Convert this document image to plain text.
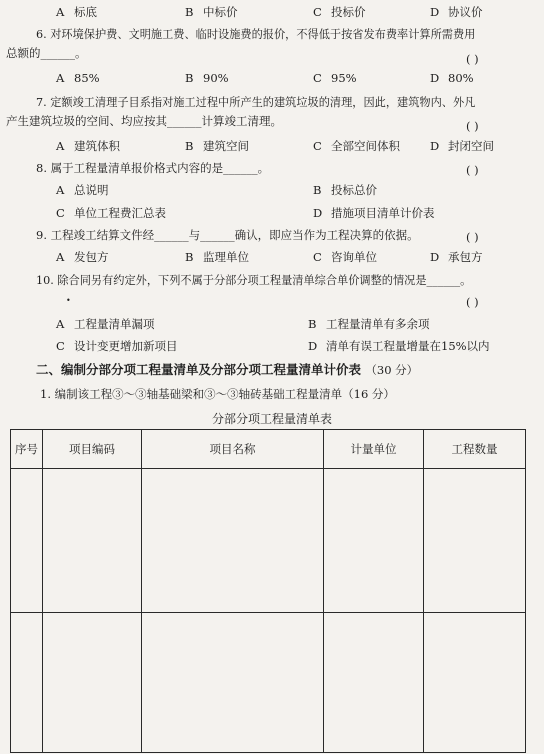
A 标底	B 中标价	C 投标价	D 协议价
6. 对环境保护费、文明施工费、临时设施费的报价，不得低于按省发布费率计算所需费用
总额的______。	( )
A 85%	B 90%	C 95%	D 80%
7. 定额竣工清理子目系指对施工过程中所产生的建筑垃圾的清理，因此，建筑物内、外凡
产生建筑垃圾的空间、均应按其______计算竣工清理。	( )
A 建筑体积	B 建筑空间	C 全部空间体积	D 封闭空间
8. 属于工程量清单报价格式内容的是______。	( )
A 总说明	B 投标总价
C 单位工程费汇总表	D 措施项目清单计价表
9. 工程竣工结算文件经______与______确认，即应当作为工程决算的依据。	( )
A 发包方	B 监理单位	C 咨询单位	D 承包方
10. 除合同另有约定外，下列不属于分部分项工程量清单综合单价调整的情况是______。
•	( )
A 工程量清单漏项	B 工程量清单有多余项
C 设计变更增加新项目	D 清单有误工程量增量在15%以内
二、编制分部分项工程量清单及分部分项工程量清单计价表 （30 分）
1. 编制该工程③～③轴基础梁和③～③轴砖基础工程量清单（16 分）
分部分项工程量清单表
序号	项目编码	项目名称	计量单位	工程数量
